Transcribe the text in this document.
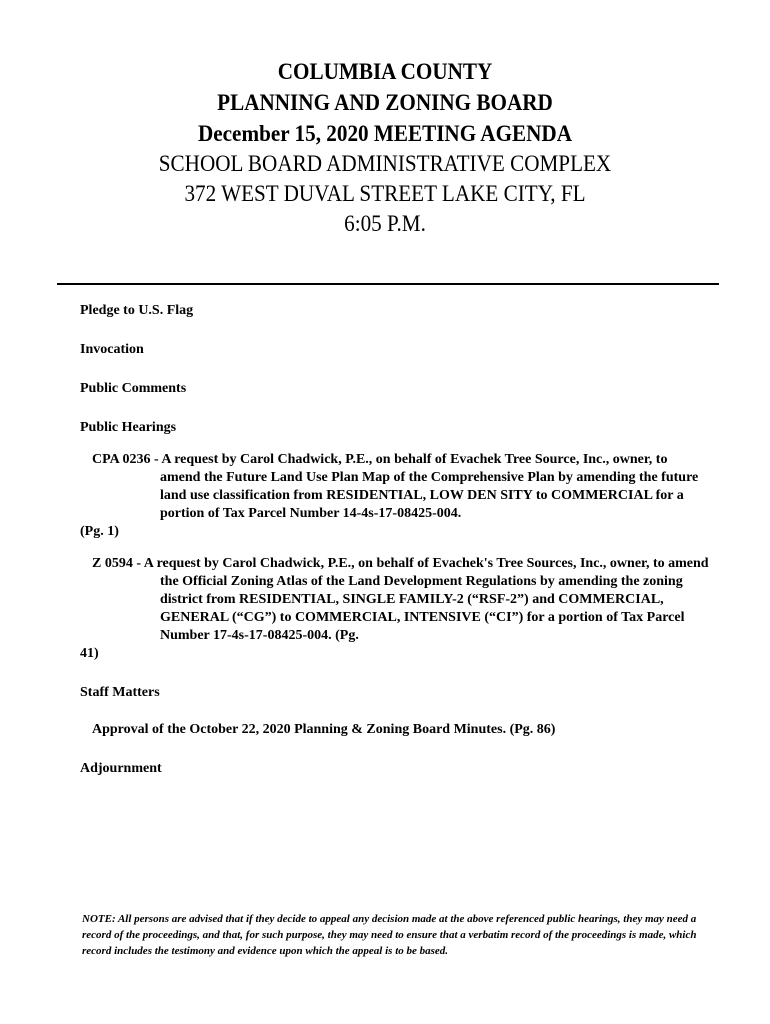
COLUMBIA COUNTY
PLANNING AND ZONING BOARD
December 15, 2020 MEETING AGENDA
SCHOOL BOARD ADMINISTRATIVE COMPLEX
372 WEST DUVAL STREET LAKE CITY, FL
6:05 P.M.
Pledge to U.S. Flag
Invocation
Public Comments
Public Hearings
CPA 0236 - A request by Carol Chadwick, P.E., on behalf of Evachek Tree Source, Inc., owner, to amend the Future Land Use Plan Map of the Comprehensive Plan by amending the future land use classification from RESIDENTIAL, LOW DEN SITY to COMMERCIAL for a portion of Tax Parcel Number 14-4s-17-08425-004.
(Pg. 1)
Z 0594 - A request by Carol Chadwick, P.E., on behalf of Evachek's Tree Sources, Inc., owner, to amend the Official Zoning Atlas of the Land Development Regulations by amending the zoning district from RESIDENTIAL, SINGLE FAMILY-2 (“RSF-2”) and COMMERCIAL, GENERAL (“CG”) to COMMERCIAL, INTENSIVE (“CI”) for a portion of Tax Parcel Number 17-4s-17-08425-004. (Pg.
41)
Staff Matters
Approval of the October 22, 2020 Planning & Zoning Board Minutes. (Pg. 86)
Adjournment
NOTE: All persons are advised that if they decide to appeal any decision made at the above referenced public hearings, they may need a record of the proceedings, and that, for such purpose, they may need to ensure that a verbatim record of the proceedings is made, which record includes the testimony and evidence upon which the appeal is to be based.
